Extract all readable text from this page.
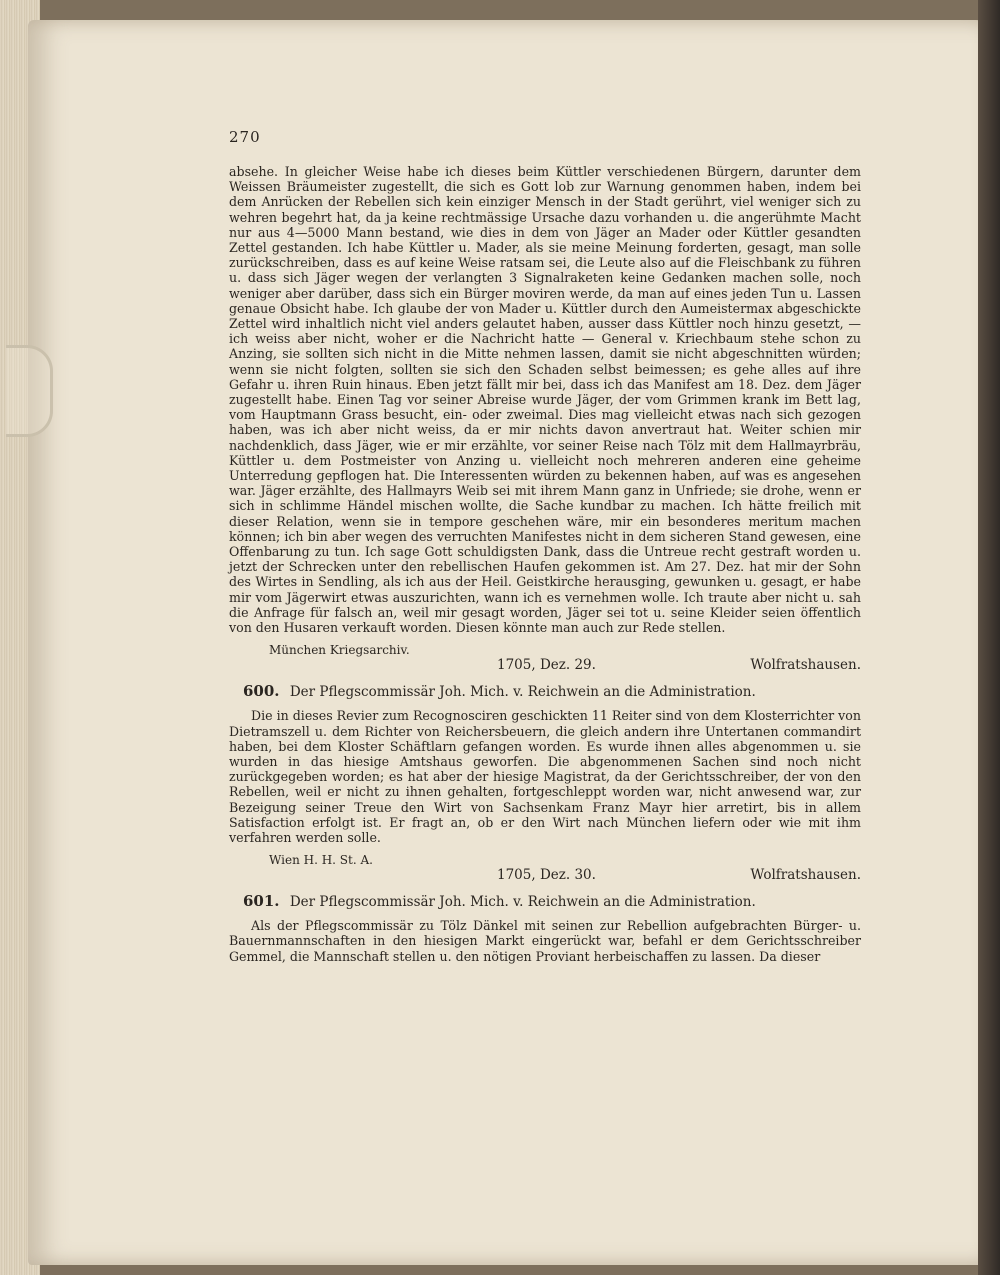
270

absehe. In gleicher Weise habe ich dieses beim Küttler verschiedenen Bürgern, darunter dem Weissen Bräumeister zugestellt, die sich es Gott lob zur Warnung genommen haben, indem bei dem Anrücken der Rebellen sich kein einziger Mensch in der Stadt gerührt, viel weniger sich zu wehren begehrt hat, da ja keine rechtmässige Ursache dazu vorhanden u. die angerühmte Macht nur aus 4—5000 Mann bestand, wie dies in dem von Jäger an Mader oder Küttler gesandten Zettel gestanden. Ich habe Küttler u. Mader, als sie meine Meinung forderten, gesagt, man solle zurückschreiben, dass es auf keine Weise ratsam sei, die Leute also auf die Fleischbank zu führen u. dass sich Jäger wegen der verlangten 3 Signalraketen keine Gedanken machen solle, noch weniger aber darüber, dass sich ein Bürger moviren werde, da man auf eines jeden Tun u. Lassen genaue Obsicht habe. Ich glaube der von Mader u. Küttler durch den Aumeistermax abgeschickte Zettel wird inhaltlich nicht viel anders gelautet haben, ausser dass Küttler noch hinzu gesetzt, — ich weiss aber nicht, woher er die Nachricht hatte — General v. Kriechbaum stehe schon zu Anzing, sie sollten sich nicht in die Mitte nehmen lassen, damit sie nicht abgeschnitten würden; wenn sie nicht folgten, sollten sie sich den Schaden selbst beimessen; es gehe alles auf ihre Gefahr u. ihren Ruin hinaus. Eben jetzt fällt mir bei, dass ich das Manifest am 18. Dez. dem Jäger zugestellt habe. Einen Tag vor seiner Abreise wurde Jäger, der vom Grimmen krank im Bett lag, vom Hauptmann Grass besucht, ein- oder zweimal. Dies mag vielleicht etwas nach sich gezogen haben, was ich aber nicht weiss, da er mir nichts davon anvertraut hat. Weiter schien mir nachdenklich, dass Jäger, wie er mir erzählte, vor seiner Reise nach Tölz mit dem Hallmayrbräu, Küttler u. dem Postmeister von Anzing u. vielleicht noch mehreren anderen eine geheime Unterredung gepflogen hat. Die Interessenten würden zu bekennen haben, auf was es angesehen war. Jäger erzählte, des Hallmayrs Weib sei mit ihrem Mann ganz in Unfriede; sie drohe, wenn er sich in schlimme Händel mischen wollte, die Sache kundbar zu machen. Ich hätte freilich mit dieser Relation, wenn sie in tempore geschehen wäre, mir ein besonderes meritum machen können; ich bin aber wegen des verruchten Manifestes nicht in dem sicheren Stand gewesen, eine Offenbarung zu tun. Ich sage Gott schuldigsten Dank, dass die Untreue recht gestraft worden u. jetzt der Schrecken unter den rebellischen Haufen gekommen ist. Am 27. Dez. hat mir der Sohn des Wirtes in Sendling, als ich aus der Heil. Geistkirche herausging, gewunken u. gesagt, er habe mir vom Jägerwirt etwas auszurichten, wann ich es vernehmen wolle. Ich traute aber nicht u. sah die Anfrage für falsch an, weil mir gesagt worden, Jäger sei tot u. seine Kleider seien öffentlich von den Husaren verkauft worden. Diesen könnte man auch zur Rede stellen.

München Kriegsarchiv.
1705, Dez. 29.	Wolfratshausen.
600. Der Pflegscommissär Joh. Mich. v. Reichwein an die Administration.

Die in dieses Revier zum Recognosciren geschickten 11 Reiter sind von dem Klosterrichter von Dietramszell u. dem Richter von Reichersbeuern, die gleich andern ihre Untertanen commandirt haben, bei dem Kloster Schäftlarn gefangen worden. Es wurde ihnen alles abgenommen u. sie wurden in das hiesige Amtshaus geworfen. Die abgenommenen Sachen sind noch nicht zurückgegeben worden; es hat aber der hiesige Magistrat, da der Gerichtsschreiber, der von den Rebellen, weil er nicht zu ihnen gehalten, fortgeschleppt worden war, nicht anwesend war, zur Bezeigung seiner Treue den Wirt von Sachsenkam Franz Mayr hier arretirt, bis in allem Satisfaction erfolgt ist. Er fragt an, ob er den Wirt nach München liefern oder wie mit ihm verfahren werden solle.

Wien H. H. St. A.
1705, Dez. 30.	Wolfratshausen.
601. Der Pflegscommissär Joh. Mich. v. Reichwein an die Administration.

Als der Pflegscommissär zu Tölz Dänkel mit seinen zur Rebellion aufgebrachten Bürger- u. Bauernmannschaften in den hiesigen Markt eingerückt war, befahl er dem Gerichtsschreiber Gemmel, die Mannschaft stellen u. den nötigen Proviant herbeischaffen zu lassen. Da dieser
